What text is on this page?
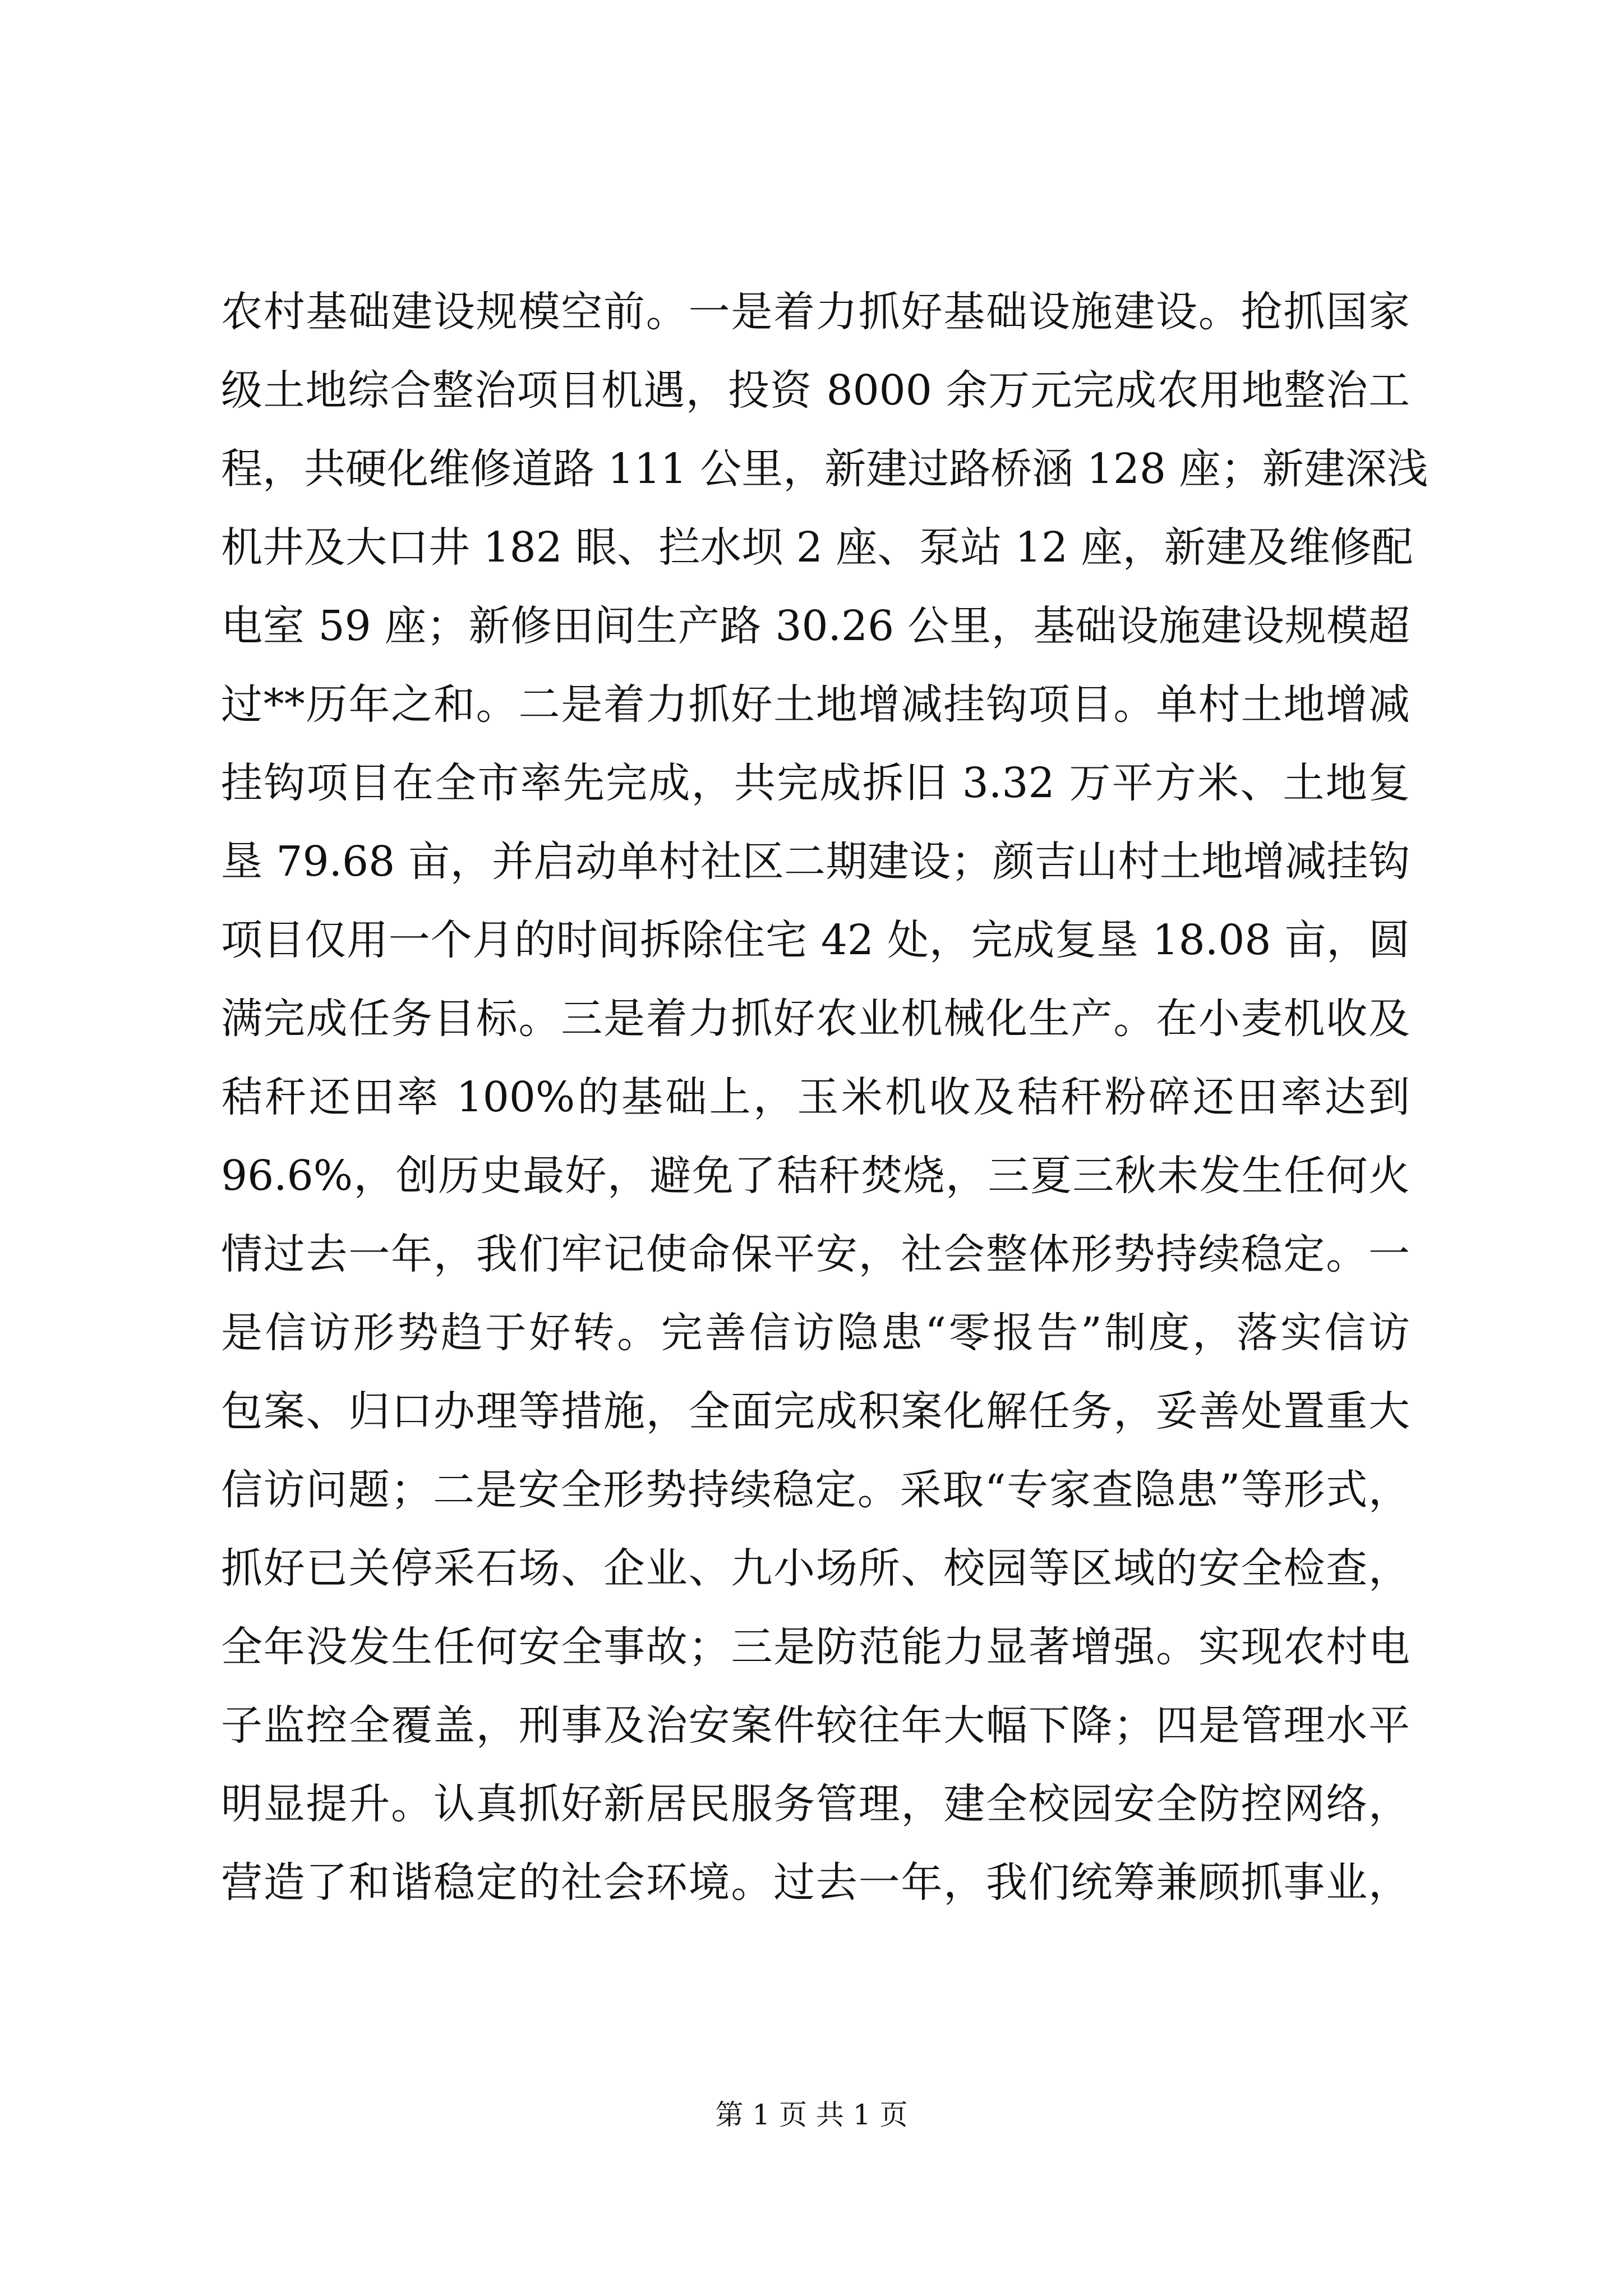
农村基础建设规模空前。一是着力抓好基础设施建设。抢抓国家
级土地综合整治项目机遇，投资 8000 余万元完成农用地整治工
程，共硬化维修道路 111 公里，新建过路桥涵 128 座；新建深浅
机井及大口井 182 眼、拦水坝 2 座、泵站 12 座，新建及维修配
电室 59 座；新修田间生产路 30.26 公里，基础设施建设规模超
过**历年之和。二是着力抓好土地增减挂钩项目。单村土地增减
挂钩项目在全市率先完成，共完成拆旧 3.32 万平方米、土地复
垦 79.68 亩，并启动单村社区二期建设；颜吉山村土地增减挂钩
项目仅用一个月的时间拆除住宅 42 处，完成复垦 18.08 亩，圆
满完成任务目标。三是着力抓好农业机械化生产。在小麦机收及
秸秆还田率 100%的基础上，玉米机收及秸秆粉碎还田率达到
96.6%，创历史最好，避免了秸秆焚烧，三夏三秋未发生任何火
情过去一年，我们牢记使命保平安，社会整体形势持续稳定。一
是信访形势趋于好转。完善信访隐患“零报告”制度，落实信访
包案、归口办理等措施，全面完成积案化解任务，妥善处置重大
信访问题；二是安全形势持续稳定。采取“专家查隐患”等形式，
抓好已关停采石场、企业、九小场所、校园等区域的安全检查，
全年没发生任何安全事故；三是防范能力显著增强。实现农村电
子监控全覆盖，刑事及治安案件较往年大幅下降；四是管理水平
明显提升。认真抓好新居民服务管理，建全校园安全防控网络，
营造了和谐稳定的社会环境。过去一年，我们统筹兼顾抓事业，
第 1 页 共 1 页
